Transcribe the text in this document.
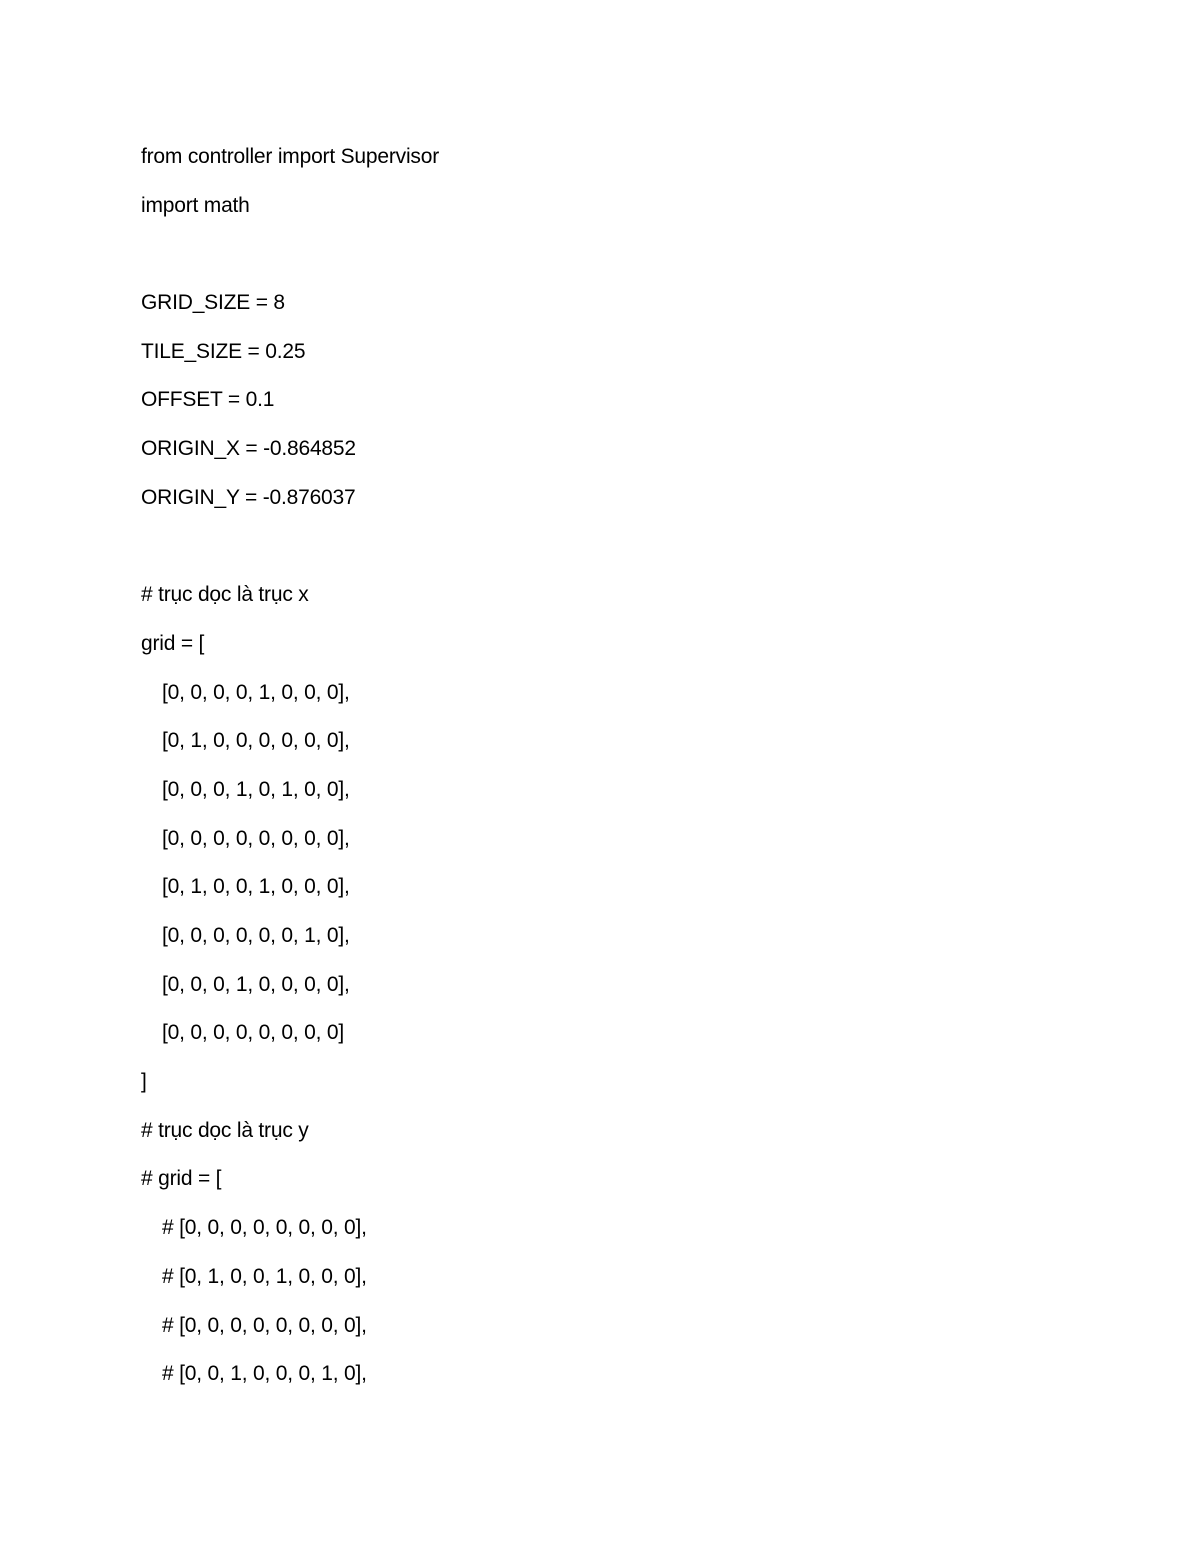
from controller import Supervisor
import math
GRID_SIZE = 8
TILE_SIZE = 0.25
OFFSET = 0.1
ORIGIN_X = -0.864852
ORIGIN_Y = -0.876037
# trục dọc là trục x
grid = [
[0, 0, 0, 0, 1, 0, 0, 0],
[0, 1, 0, 0, 0, 0, 0, 0],
[0, 0, 0, 1, 0, 1, 0, 0],
[0, 0, 0, 0, 0, 0, 0, 0],
[0, 1, 0, 0, 1, 0, 0, 0],
[0, 0, 0, 0, 0, 0, 1, 0],
[0, 0, 0, 1, 0, 0, 0, 0],
[0, 0, 0, 0, 0, 0, 0, 0]
]
# trục dọc là trục y
# grid = [
# [0, 0, 0, 0, 0, 0, 0, 0],
# [0, 1, 0, 0, 1, 0, 0, 0],
# [0, 0, 0, 0, 0, 0, 0, 0],
# [0, 0, 1, 0, 0, 0, 1, 0],
